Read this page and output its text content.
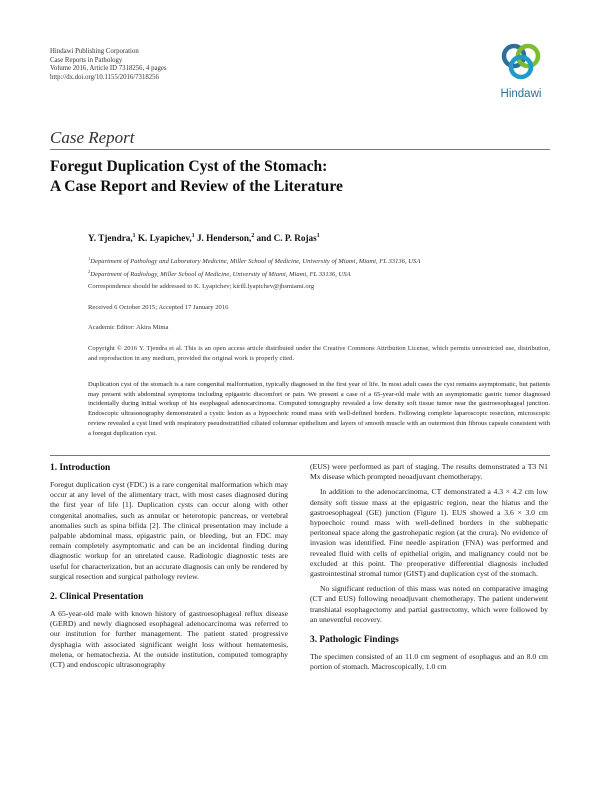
Hindawi Publishing Corporation
Case Reports in Pathology
Volume 2016, Article ID 7318256, 4 pages
http://dx.doi.org/10.1155/2016/7318256
Hindawi
Case Report
Foregut Duplication Cyst of the Stomach:
A Case Report and Review of the Literature
Y. Tjendra,$^1$ K. Lyapichev,$^1$ J. Henderson,$^2$ and C. P. Rojas$^1$
$^1$Department of Pathology and Laboratory Medicine, Miller School of Medicine, University of Miami, Miami, FL 33136, USA
$^2$Department of Radiology, Miller School of Medicine, University of Miami, Miami, FL 33136, USA
Correspondence should be addressed to K. Lyapichev; kirill.lyapichev@jhsmiami.org
Received 6 October 2015; Accepted 17 January 2016
Academic Editor: Akira Mima
Copyright © 2016 Y. Tjendra et al. This is an open access article distributed under the Creative Commons Attribution License, which permits unrestricted use, distribution, and reproduction in any medium, provided the original work is properly cited.
Duplication cyst of the stomach is a rare congenital malformation, typically diagnosed in the first year of life. In most adult cases the cyst remains asymptomatic, but patients may present with abdominal symptoms including epigastric discomfort or pain. We present a case of a 65-year-old male with an asymptomatic gastric tumor diagnosed incidentally during initial workup of his esophageal adenocarcinoma. Computed tomography revealed a low density soft tissue tumor near the gastroesophageal junction. Endoscopic ultrasonography demonstrated a cystic lesion as a hypoechoic round mass with well-defined borders. Following complete laparoscopic resection, microscopic review revealed a cyst lined with respiratory pseudostratified ciliated columnar epithelium and layers of smooth muscle with an outermost thin fibrous capsule consistent with a foregut duplication cyst.
1. Introduction

Foregut duplication cyst (FDC) is a rare congenital malformation which may occur at any level of the alimentary tract, with most cases diagnosed during the first year of life [1]. Duplication cysts can occur along with other congenital anomalies, such as annular or heterotopic pancreas, or vertebral anomalies such as spina bifida [2]. The clinical presentation may include a palpable abdominal mass, epigastric pain, or bleeding, but an FDC may remain completely asymptomatic and can be an incidental finding during diagnostic workup for an unrelated cause. Radiologic diagnostic tests are useful for characterization, but an accurate diagnosis can only be rendered by surgical resection and surgical pathology review.

2. Clinical Presentation

A 65-year-old male with known history of gastroesophageal reflux disease (GERD) and newly diagnosed esophageal adenocarcinoma was referred to our institution for further management. The patient stated progressive dysphagia with associated significant weight loss without hematemesis, melena, or hematochezia. At the outside institution, computed tomography (CT) and endoscopic ultrasonography

(EUS) were performed as part of staging. The results demonstrated a T3 N1 Mx disease which prompted neoadjuvant chemotherapy.

In addition to the adenocarcinoma, CT demonstrated a 4.3 × 4.2 cm low density soft tissue mass at the epigastric region, near the hiatus and the gastroesophageal (GE) junction (Figure 1). EUS showed a 3.6 × 3.0 cm hypoechoic round mass with well-defined borders in the subhepatic peritoneal space along the gastrohepatic region (at the crura). No evidence of invasion was identified. Fine needle aspiration (FNA) was performed and revealed fluid with cells of epithelial origin, and malignancy could not be excluded at this point. The preoperative differential diagnosis included gastrointestinal stromal tumor (GIST) and duplication cyst of the stomach.

No significant reduction of this mass was noted on comparative imaging (CT and EUS) following neoadjuvant chemotherapy. The patient underwent transhiatal esophagectomy and partial gastrectomy, which were followed by an uneventful recovery.

3. Pathologic Findings

The specimen consisted of an 11.0 cm segment of esophagus and an 8.0 cm portion of stomach. Macroscopically, 1.0 cm
